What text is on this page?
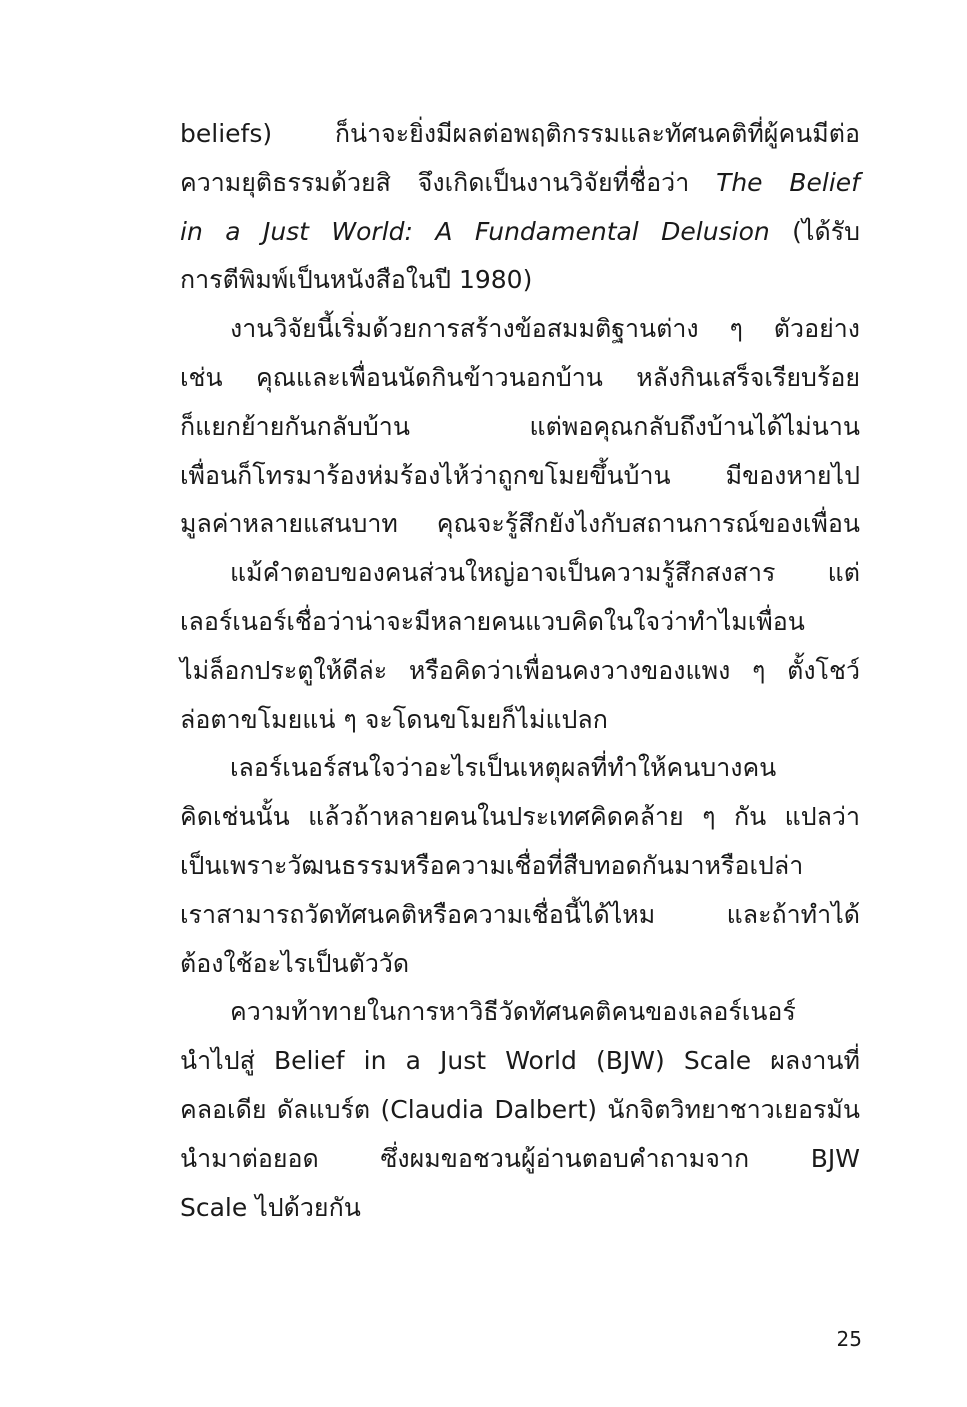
beliefs) ก็น่าจะยิ่งมีผลต่อพฤติกรรมและทัศนคติที่ผู้คนมีต่อ
ความยุติธรรมด้วยสิ จึงเกิดเป็นงานวิจัยที่ชื่อว่า The Belief
in a Just World: A Fundamental Delusion (ได้รับ
การตีพิมพ์เป็นหนังสือในปี 1980)
งานวิจัยนี้เริ่มด้วยการสร้างข้อสมมติฐานต่าง ๆ ตัวอย่าง
เช่น คุณและเพื่อนนัดกินข้าวนอกบ้าน หลังกินเสร็จเรียบร้อย
ก็แยกย้ายกันกลับบ้าน แต่พอคุณกลับถึงบ้านได้ไม่นาน
เพื่อนก็โทรมาร้องห่มร้องไห้ว่าถูกขโมยขึ้นบ้าน มีของหายไป
มูลค่าหลายแสนบาท คุณจะรู้สึกยังไงกับสถานการณ์ของเพื่อน
แม้คำตอบของคนส่วนใหญ่อาจเป็นความรู้สึกสงสาร แต่
เลอร์เนอร์เชื่อว่าน่าจะมีหลายคนแวบคิดในใจว่าทำไมเพื่อน
ไม่ล็อกประตูให้ดีล่ะ หรือคิดว่าเพื่อนคงวางของแพง ๆ ตั้งโชว์
ล่อตาขโมยแน่ ๆ จะโดนขโมยก็ไม่แปลก
เลอร์เนอร์สนใจว่าอะไรเป็นเหตุผลที่ทำให้คนบางคน
คิดเช่นนั้น แล้วถ้าหลายคนในประเทศคิดคล้าย ๆ กัน แปลว่า
เป็นเพราะวัฒนธรรมหรือความเชื่อที่สืบทอดกันมาหรือเปล่า
เราสามารถวัดทัศนคติหรือความเชื่อนี้ได้ไหม และถ้าทำได้
ต้องใช้อะไรเป็นตัววัด
ความท้าทายในการหาวิธีวัดทัศนคติคนของเลอร์เนอร์
นำไปสู่ Belief in a Just World (BJW) Scale ผลงานที่
คลอเดีย ดัลแบร์ต (Claudia Dalbert) นักจิตวิทยาชาวเยอรมัน
นำมาต่อยอด ซึ่งผมขอชวนผู้อ่านตอบคำถามจาก BJW
Scale ไปด้วยกัน
25
